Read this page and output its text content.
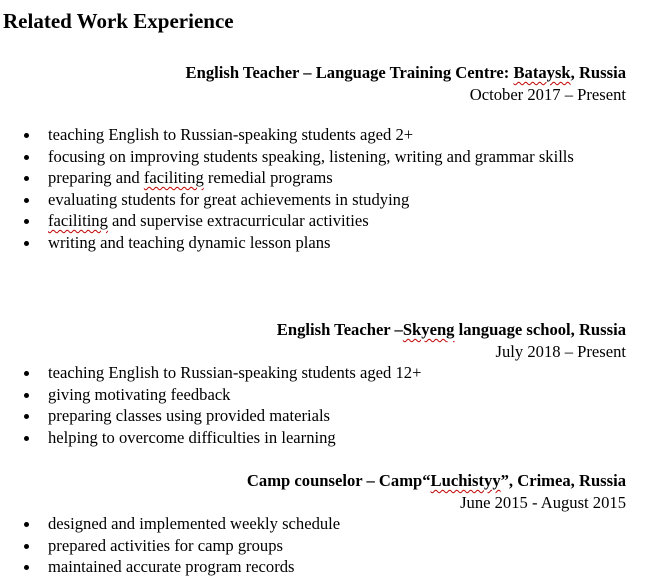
Related Work Experience
English Teacher – Language Training Centre: Bataysk, Russia
October 2017 – Present
teaching English to Russian-speaking students aged 2+
focusing on improving students speaking, listening, writing and grammar skills
preparing and faciliting remedial programs
evaluating students for great achievements in studying
faciliting and supervise extracurricular activities
writing and teaching dynamic lesson plans
English Teacher –Skyeng language school, Russia
July 2018 – Present
teaching English to Russian-speaking students aged 12+
giving motivating feedback
preparing classes using provided materials
helping to overcome difficulties in learning
Camp counselor – Camp“Luchistyy”, Crimea, Russia
June 2015 - August 2015
designed and implemented weekly schedule
prepared activities for camp groups
maintained accurate program records
